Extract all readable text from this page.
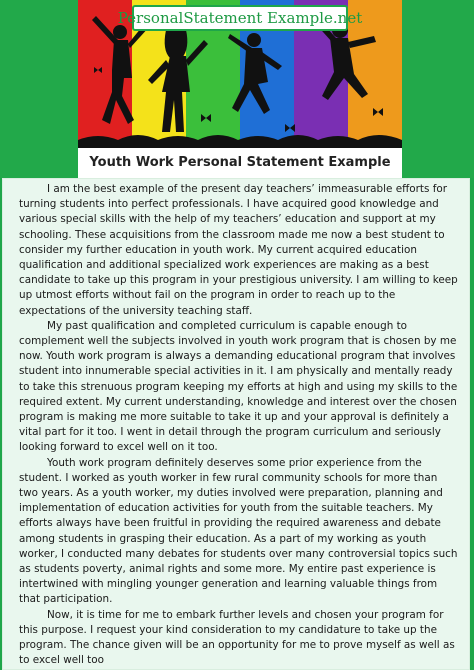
PersonalStatement Example.net
Youth Work Personal Statement Example

I am the best example of the present day teachers’ immeasurable efforts for turning students into perfect professionals. I have acquired good knowledge and various special skills with the help of my teachers’ education and support at my schooling. These acquisitions from the classroom made me now a best student to consider my further education in youth work. My current acquired education qualification and additional specialized work experiences are making as a best candidate to take up this program in your prestigious university. I am willing to keep up utmost efforts without fail on the program in order to reach up to the expectations of the university teaching staff.

My past qualification and completed curriculum is capable enough to complement well the subjects involved in youth work program that is chosen by me now. Youth work program is always a demanding educational program that involves student into innumerable special activities in it. I am physically and mentally ready to take this strenuous program keeping my efforts at high and using my skills to the required extent. My current understanding, knowledge and interest over the chosen program is making me more suitable to take it up and your approval is definitely a vital part for it too. I went in detail through the program curriculum and seriously looking forward to excel well on it too.

Youth work program definitely deserves some prior experience from the student. I worked as youth worker in few rural community schools for more than two years. As a youth worker, my duties involved were preparation, planning and implementation of education activities for youth from the suitable teachers. My efforts always have been fruitful in providing the required awareness and debate among students in grasping their education. As a part of my working as youth worker, I conducted many debates for students over many controversial topics such as students poverty, animal rights and some more. My entire past experience is intertwined with mingling younger generation and learning valuable things from that participation.

Now, it is time for me to embark further levels and chosen your program for this purpose. I request your kind consideration to my candidature to take up the program. The chance given will be an opportunity for me to prove myself as well as to excel well too
